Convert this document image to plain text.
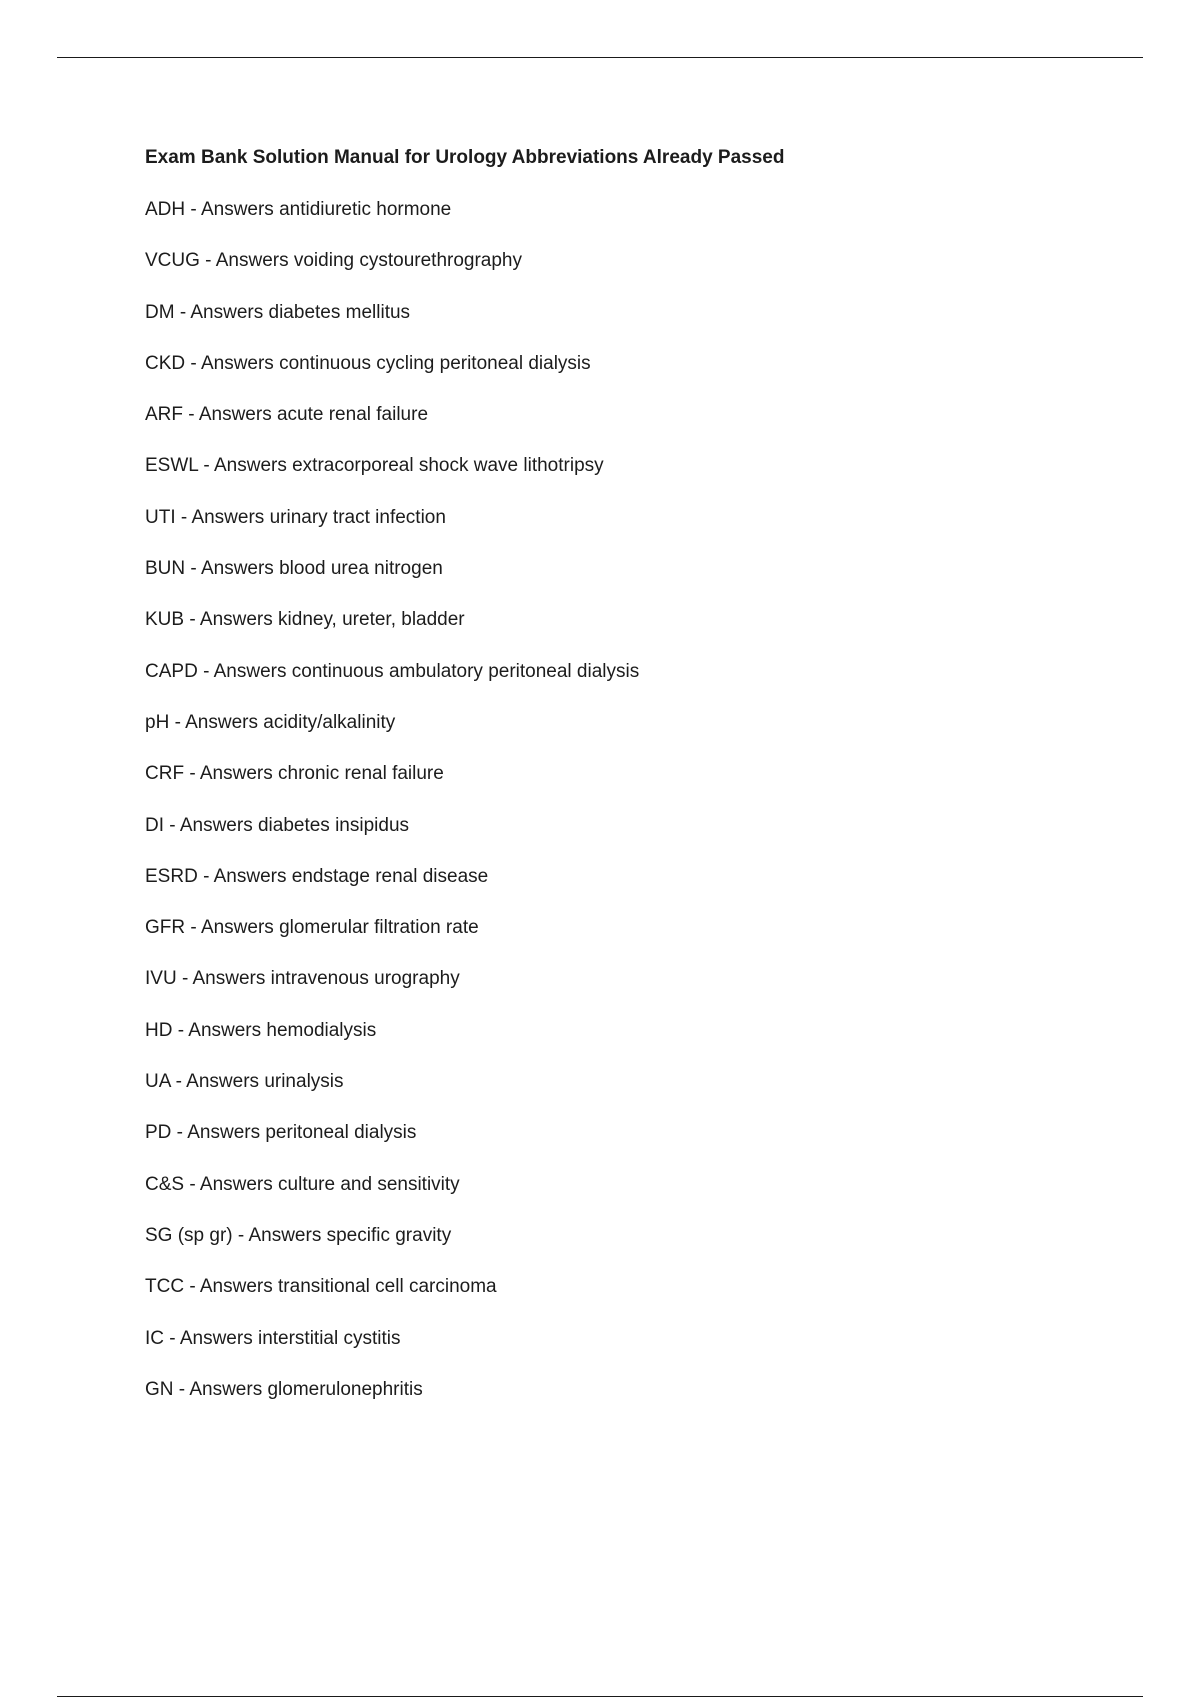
Exam Bank Solution Manual for Urology Abbreviations Already Passed
ADH - Answers antidiuretic hormone
VCUG - Answers voiding cystourethrography
DM - Answers diabetes mellitus
CKD - Answers continuous cycling peritoneal dialysis
ARF - Answers acute renal failure
ESWL - Answers extracorporeal shock wave lithotripsy
UTI - Answers urinary tract infection
BUN - Answers blood urea nitrogen
KUB - Answers kidney, ureter, bladder
CAPD - Answers continuous ambulatory peritoneal dialysis
pH - Answers acidity/alkalinity
CRF - Answers chronic renal failure
DI - Answers diabetes insipidus
ESRD - Answers endstage renal disease
GFR - Answers glomerular filtration rate
IVU - Answers intravenous urography
HD - Answers hemodialysis
UA - Answers urinalysis
PD - Answers peritoneal dialysis
C&S - Answers culture and sensitivity
SG (sp gr) - Answers specific gravity
TCC - Answers transitional cell carcinoma
IC - Answers interstitial cystitis
GN - Answers glomerulonephritis
